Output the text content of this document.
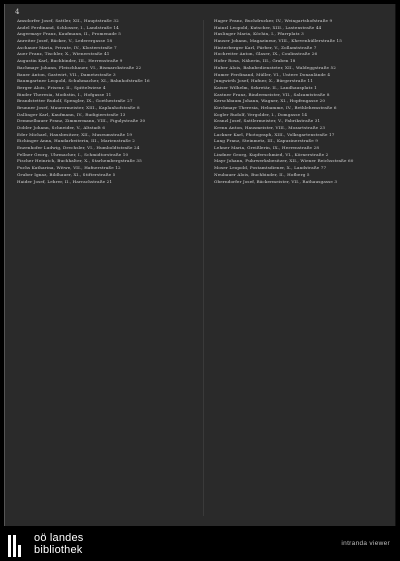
4

Amsdorfer Josef, Sattler, XII., Hauptstraße 32

Andel Ferdinand, Schlosser, I., Landstraße 14

Angermayr Franz, Kaufmann, II., Promenade 5

Anreiter Josef, Bäcker, V., Lederergasse 18

Aschauer Maria, Private, IV., Klosterstraße 7

Auer Franz, Tischler, X., Wienerstraße 41

Augustin Karl, Buchbinder, III., Herrenstraße 9

Bachmayr Johann, Fleischhauer, VI., Bismarckstraße 22

Bauer Anton, Gastwirt, VII., Dametzstraße 3

Baumgartner Leopold, Schuhmacher, XI., Bahnhofstraße 16

Berger Alois, Friseur, II., Spittelwiese 4

Binder Theresia, Modistin, I., Hofgasse 11

Brandstetter Rudolf, Spengler, IX., Goethestraße 27

Brunner Josef, Maurermeister, XIII., Kaplanhofstraße 8

Dallinger Karl, Kaufmann, IV., Rudigierstraße 13

Demmelbauer Franz, Zimmermann, VIII., Figulystraße 30

Dobler Johann, Schneider, V., Altstadt 6

Eder Michael, Hausbesitzer, XII., Museumstraße 19

Eichinger Anna, Handarbeiterin, III., Marienstraße 2

Enzenhofer Ludwig, Drechsler, VI., Humboldtstraße 24

Fellner Georg, Uhrmacher, I., Schmidtorstraße 10

Fischer Heinrich, Buchhalter, X., Starhembergstraße 35

Fuchs Katharina, Witwe, VII., Hafnerstraße 12

Gruber Ignaz, Bildhauer, XI., Stifterstraße 5

Haider Josef, Lehrer, II., Harrachstraße 21

Hager Franz, Buchdrucker, IV., Weingartshofstraße 9

Hainzl Leopold, Kutscher, XIII., Lastenstraße 44

Haslinger Maria, Köchin, I., Pfarrplatz 3

Hauser Johann, Magazineur, VIII., Khevenhüllerstraße 15

Hinterberger Karl, Färber, V., Zollamtstraße 7

Hochreiter Anton, Glaser, IX., Coulinstraße 26

Hofer Rosa, Näherin, III., Graben 18

Huber Alois, Bahnbediensteter, XII., Waldeggstraße 52

Humer Ferdinand, Müller, VI., Untere Donaulände 4

Jungwirth Josef, Hafner, X., Bürgerstraße 11

Kaiser Wilhelm, Sekretär, II., Landhausplatz 1

Kastner Franz, Bindermeister, VII., Salzamtstraße 8

Kerschbaum Johann, Wagner, XI., Hopfengasse 20

Kirchmayr Theresia, Hebamme, IV., Bethlehemstraße 6

Kogler Rudolf, Vergolder, I., Domgasse 14

Kranzl Josef, Sattlermeister, V., Fabrikstraße 31

Krenn Anton, Hausmeister, VIII., Mozartstraße 23

Lackner Karl, Photograph, XIII., Volksgartenstraße 17

Lang Franz, Steinmetz, III., Kapuzinerstraße 9

Lehner Maria, Greißlerin, IX., Herrenstraße 28

Lindner Georg, Kupferschmied, VI., Körnerstraße 2

Mayr Johann, Fuhrwerksbesitzer, XII., Wiener Reichsstraße 60

Moser Leopold, Postamtsdiener, X., Landstraße 77

Neubauer Alois, Buchbinder, II., Hofberg 5

Oberndorfer Josef, Bäckermeister, VII., Rathausgasse 3

oö landes
bibliothek
intranda viewer
